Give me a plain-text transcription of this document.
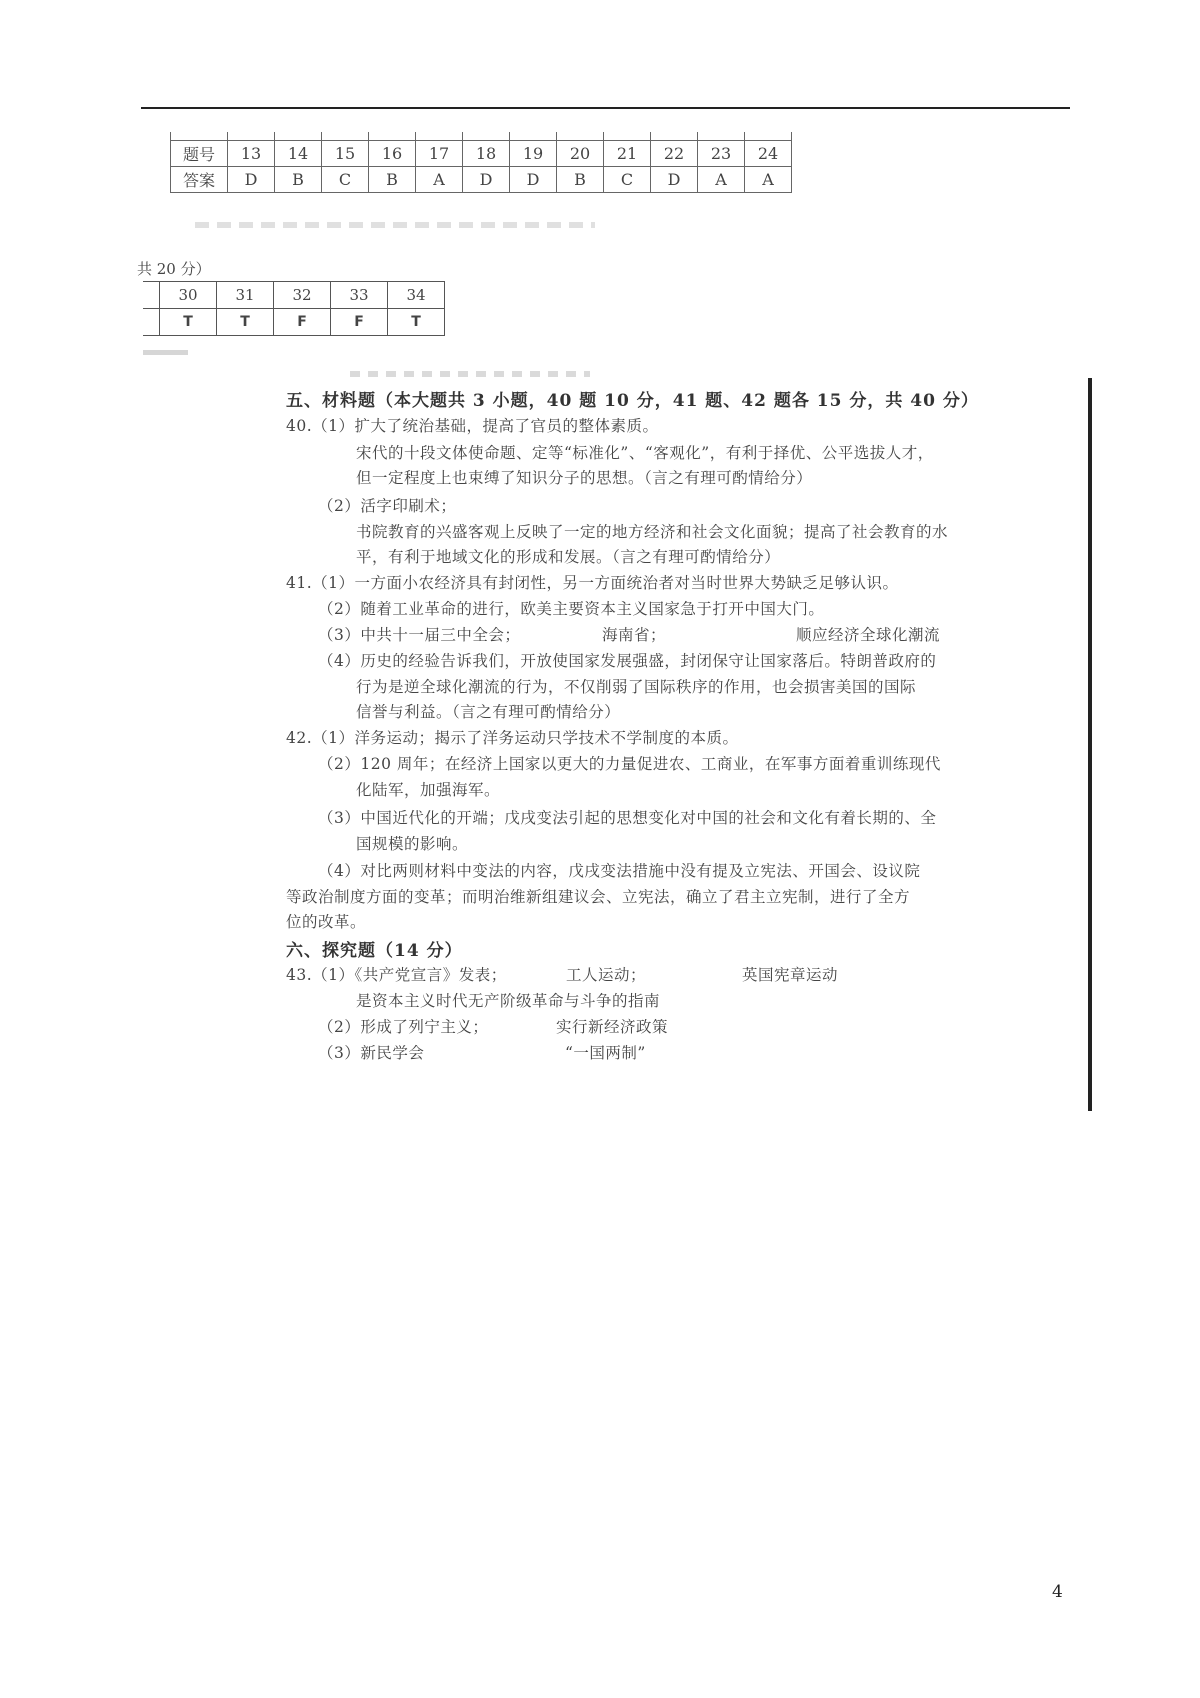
题号	13	14	15	16	17	18	19	20	21	22	23	24
答案	D	B	C	B	A	D	D	B	C	D	A	A
共 20 分）
	30	31	32	33	34
	T	T	F	F	T
五、材料题（本大题共 3 小题，40 题 10 分，41 题、42 题各 15 分，共 40 分）
40.（1）扩大了统治基础，提高了官员的整体素质。
宋代的十段文体使命题、定等“标准化”、“客观化”，有利于择优、公平选拔人才，
但一定程度上也束缚了知识分子的思想。（言之有理可酌情给分）
（2）活字印刷术；
书院教育的兴盛客观上反映了一定的地方经济和社会文化面貌；提高了社会教育的水
平，有利于地域文化的形成和发展。（言之有理可酌情给分）
41.（1）一方面小农经济具有封闭性，另一方面统治者对当时世界大势缺乏足够认识。
（2）随着工业革命的进行，欧美主要资本主义国家急于打开中国大门。
（3）中共十一届三中全会；	海南省；	顺应经济全球化潮流
（4）历史的经验告诉我们，开放使国家发展强盛，封闭保守让国家落后。特朗普政府的
行为是逆全球化潮流的行为，不仅削弱了国际秩序的作用，也会损害美国的国际
信誉与利益。（言之有理可酌情给分）
42.（1）洋务运动；揭示了洋务运动只学技术不学制度的本质。
（2）120 周年；在经济上国家以更大的力量促进农、工商业，在军事方面着重训练现代
化陆军，加强海军。
（3）中国近代化的开端；戊戌变法引起的思想变化对中国的社会和文化有着长期的、全
国规模的影响。
（4）对比两则材料中变法的内容，戊戌变法措施中没有提及立宪法、开国会、设议院
等政治制度方面的变革；而明治维新组建议会、立宪法，确立了君主立宪制，进行了全方
位的改革。
六、探究题（14 分）
43.（1）《共产党宣言》发表；	工人运动；	英国宪章运动
是资本主义时代无产阶级革命与斗争的指南
（2）形成了列宁主义；	实行新经济政策
（3）新民学会	“一国两制”
4
